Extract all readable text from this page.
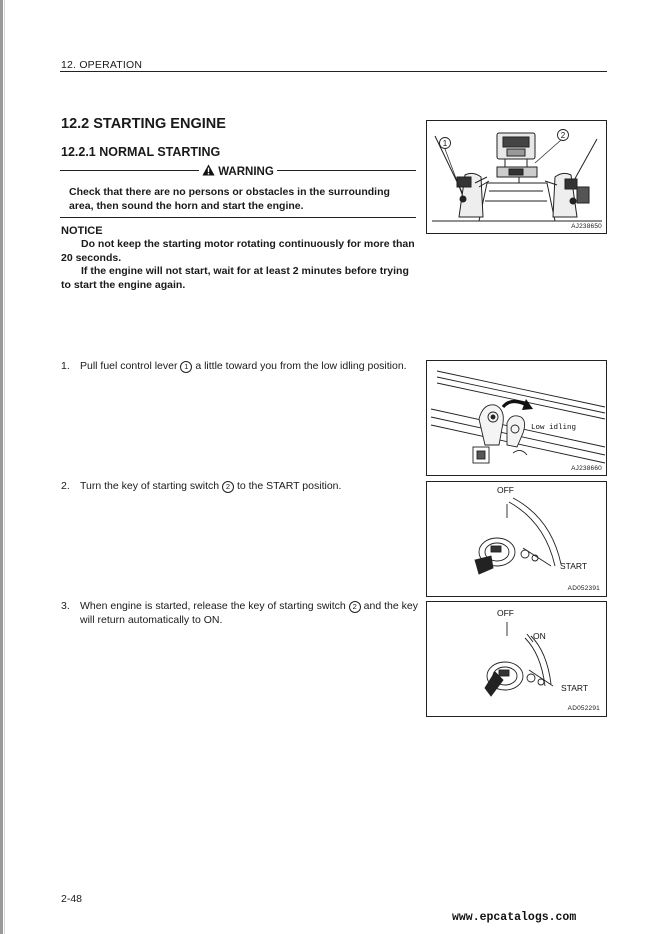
12. OPERATION
12.2 STARTING ENGINE
12.2.1 NORMAL STARTING
WARNING
Check that there are no persons or obstacles in the surrounding area, then sound the horn and start the engine.
NOTICE
Do not keep the starting motor rotating continuously for more than 20 seconds.
If the engine will not start, wait for at least 2 minutes before trying to start the engine again.
1. Pull fuel control lever 1 a little toward you from the low idling position.
2. Turn the key of starting switch 2 to the START position.
3. When engine is started, release the key of starting switch 2 and the key will return automatically to ON.
1
2
AJ238650
Low idling
AJ238660
OFF
START
AD052391
OFF
ON
START
AD052291
2-48
www.epcatalogs.com
